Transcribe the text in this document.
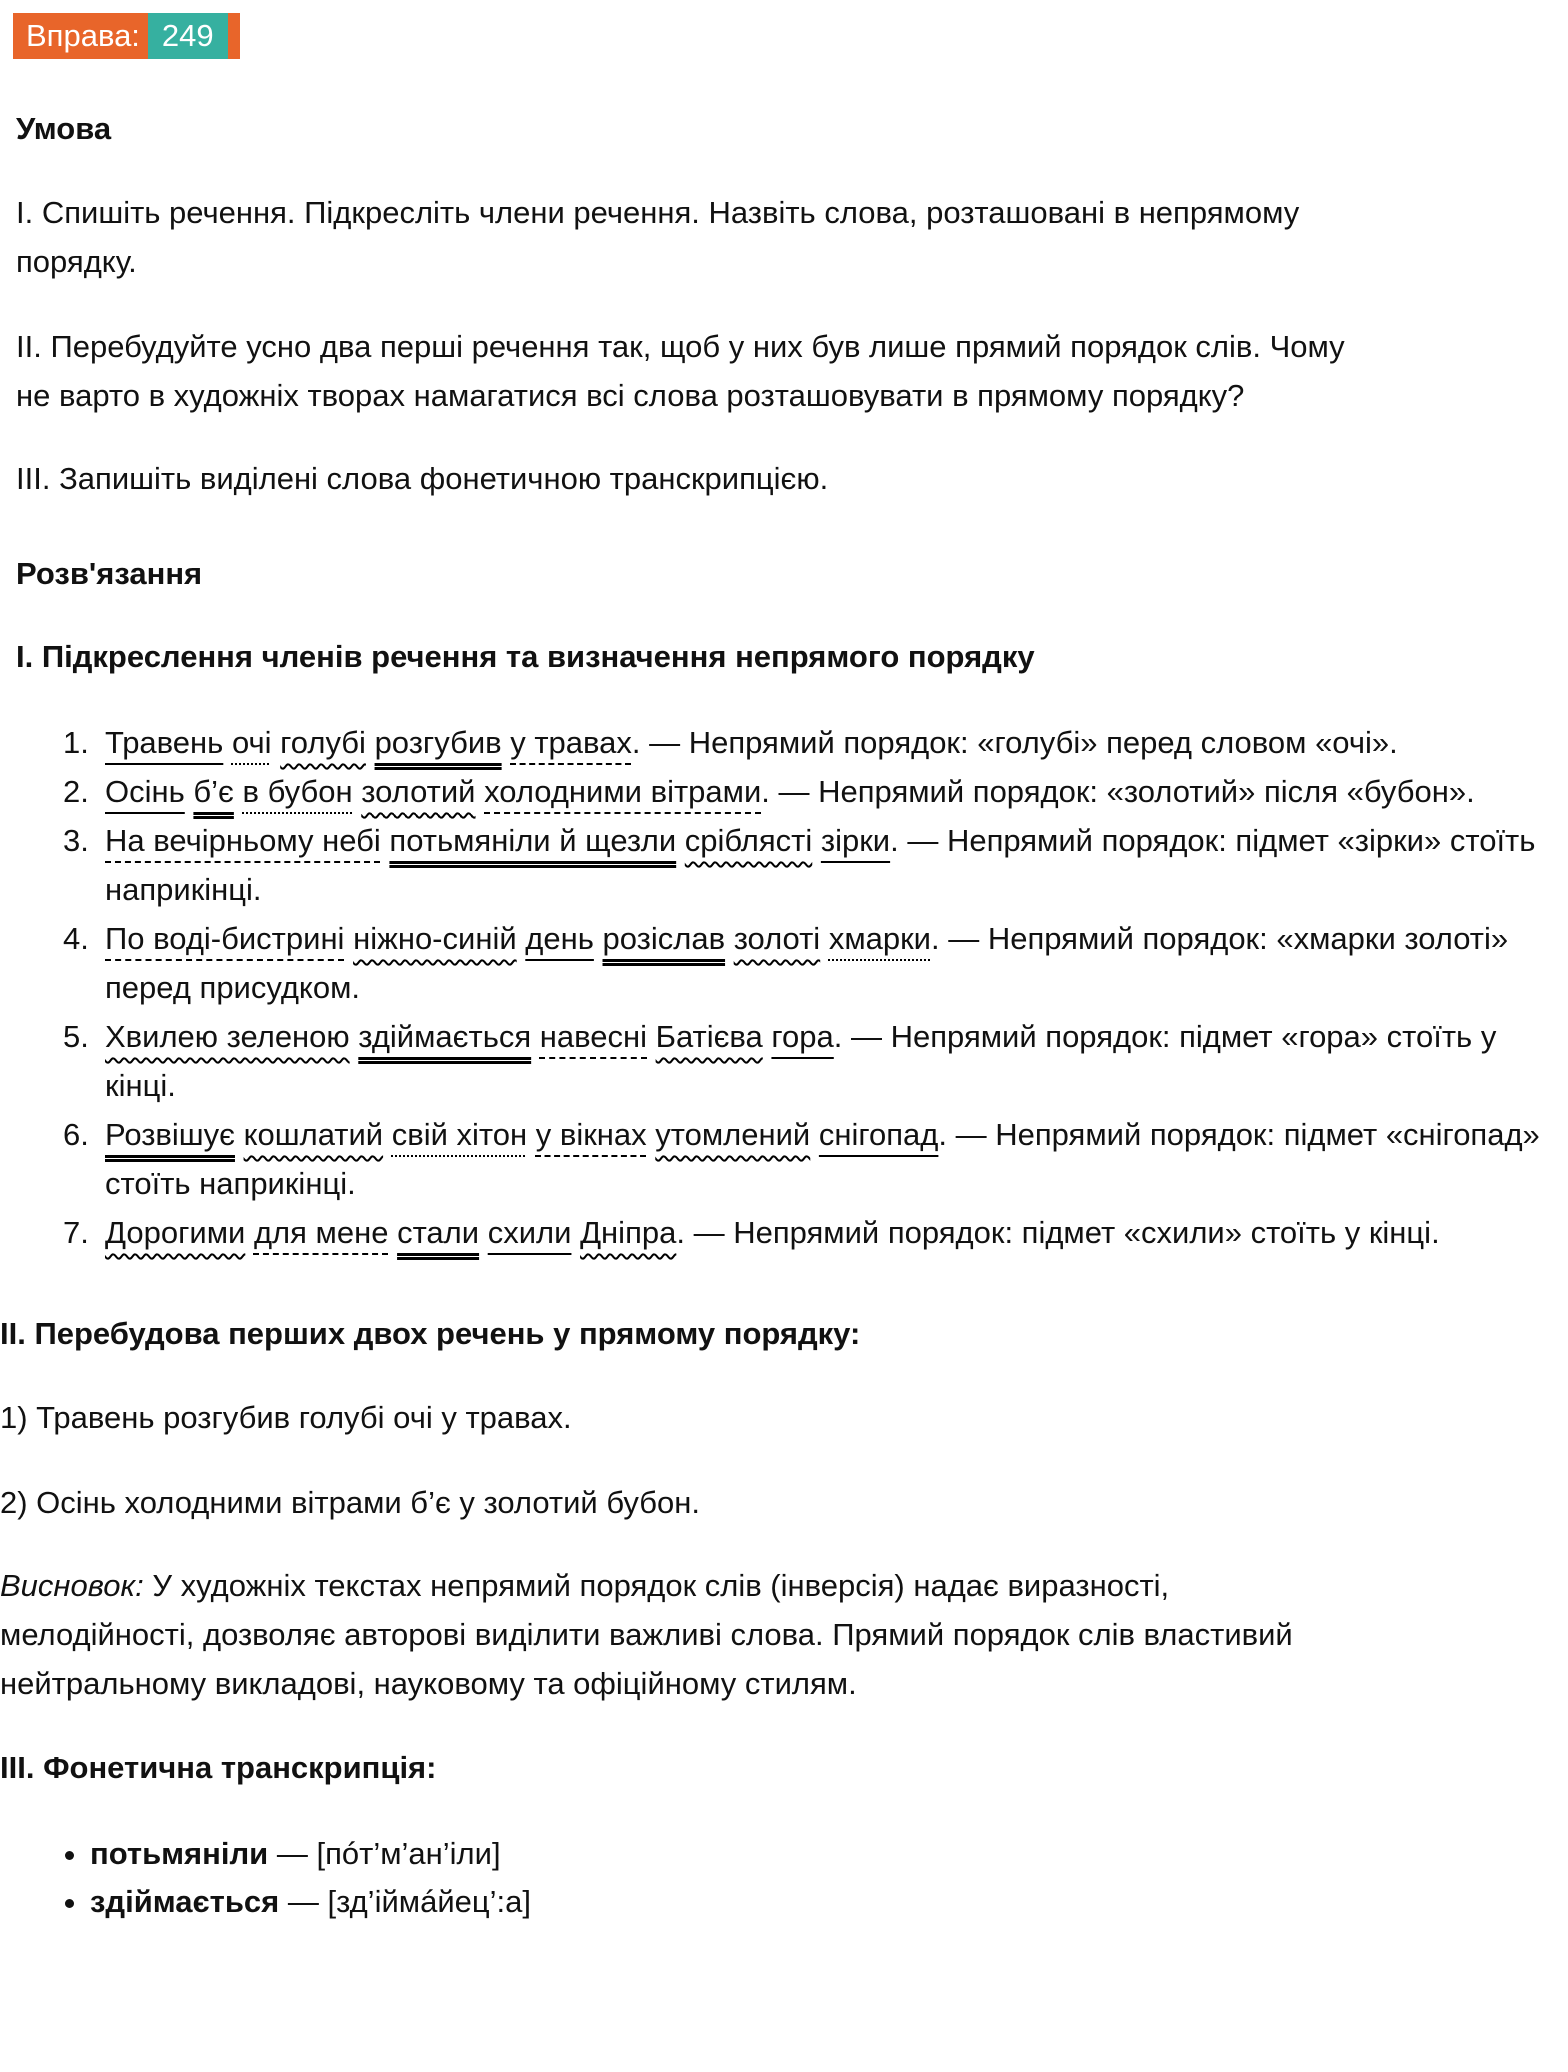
Вправа: 249
Умова
I. Спишіть речення. Підкресліть члени речення. Назвіть слова, розташовані в непрямому
порядку.
II. Перебудуйте усно два перші речення так, щоб у них був лише прямий порядок слів. Чому
не варто в художніх творах намагатися всі слова розташовувати в прямому порядку?
III. Запишіть виділені слова фонетичною транскрипцією.
Розв'язання
I. Підкреслення членів речення та визначення непрямого порядку
1. Травень очі голубі розгубив у травах. — Непрямий порядок: «голубі» перед словом «очі».
2. Осінь б’є в бубон золотий холодними вітрами. — Непрямий порядок: «золотий» після «бубон».
3. На вечірньому небі потьмяніли й щезли сріблясті зірки. — Непрямий порядок: підмет «зірки» стоїть наприкінці.
4. По воді-бистрині ніжно-синій день розіслав золоті хмарки. — Непрямий порядок: «хмарки золоті» перед присудком.
5. Хвилею зеленою здіймається навесні Батієва гора. — Непрямий порядок: підмет «гора» стоїть у кінці.
6. Розвішує кошлатий свій хітон у вікнах утомлений снігопад. — Непрямий порядок: підмет «снігопад» стоїть наприкінці.
7. Дорогими для мене стали схили Дніпра. — Непрямий порядок: підмет «схили» стоїть у кінці.
II. Перебудова перших двох речень у прямому порядку:
1) Травень розгубив голубі очі у травах.
2) Осінь холодними вітрами б’є у золотий бубон.
Висновок: У художніх текстах непрямий порядок слів (інверсія) надає виразності,
мелодійності, дозволяє авторові виділити важливі слова. Прямий порядок слів властивий
нейтральному викладові, науковому та офіційному стилям.
III. Фонетична транскрипція:
• потьмяніли — [пóт’м’ан’іли]
• здіймається — [зд’іймáйец’:а]
